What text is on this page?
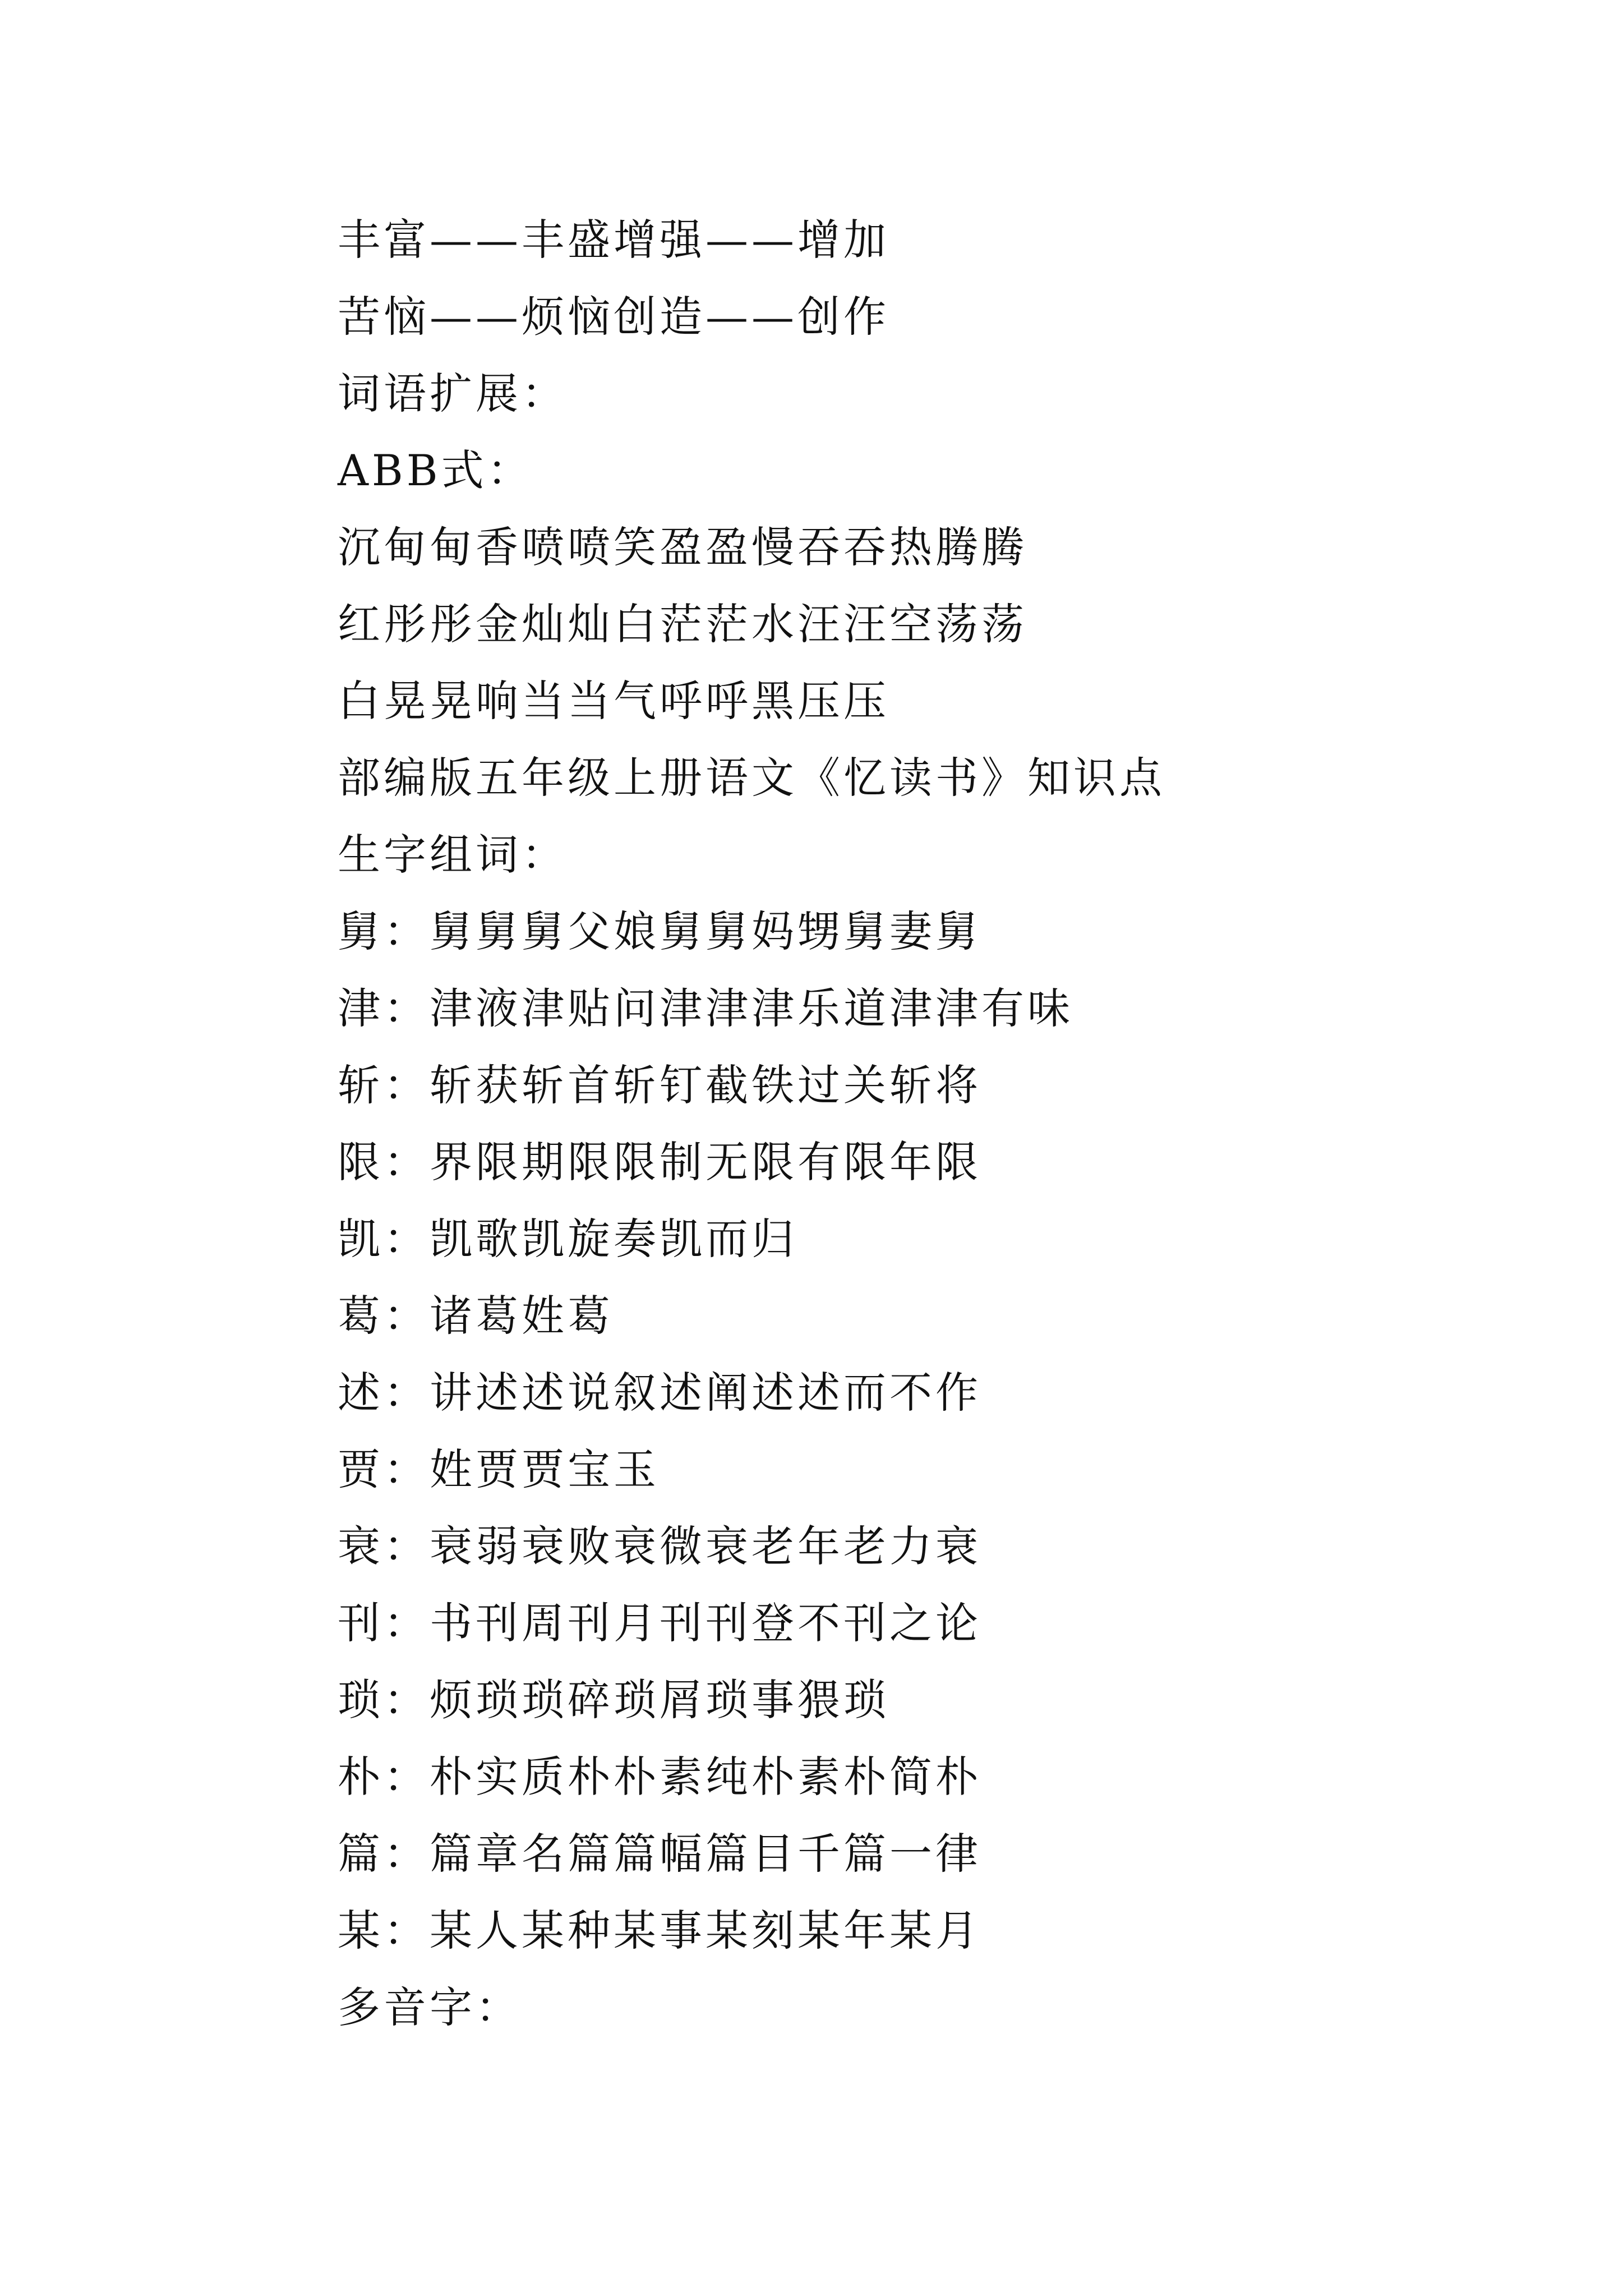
丰富——丰盛增强——增加
苦恼——烦恼创造——创作
词语扩展：
ABB式：
沉甸甸香喷喷笑盈盈慢吞吞热腾腾
红彤彤金灿灿白茫茫水汪汪空荡荡
白晃晃响当当气呼呼黑压压
部编版五年级上册语文《忆读书》知识点
生字组词：
舅：舅舅舅父娘舅舅妈甥舅妻舅
津：津液津贴问津津津乐道津津有味
斩：斩获斩首斩钉截铁过关斩将
限：界限期限限制无限有限年限
凯：凯歌凯旋奏凯而归
葛：诸葛姓葛
述：讲述述说叙述阐述述而不作
贾：姓贾贾宝玉
衰：衰弱衰败衰微衰老年老力衰
刊：书刊周刊月刊刊登不刊之论
琐：烦琐琐碎琐屑琐事猥琐
朴：朴实质朴朴素纯朴素朴简朴
篇：篇章名篇篇幅篇目千篇一律
某：某人某种某事某刻某年某月
多音字：
